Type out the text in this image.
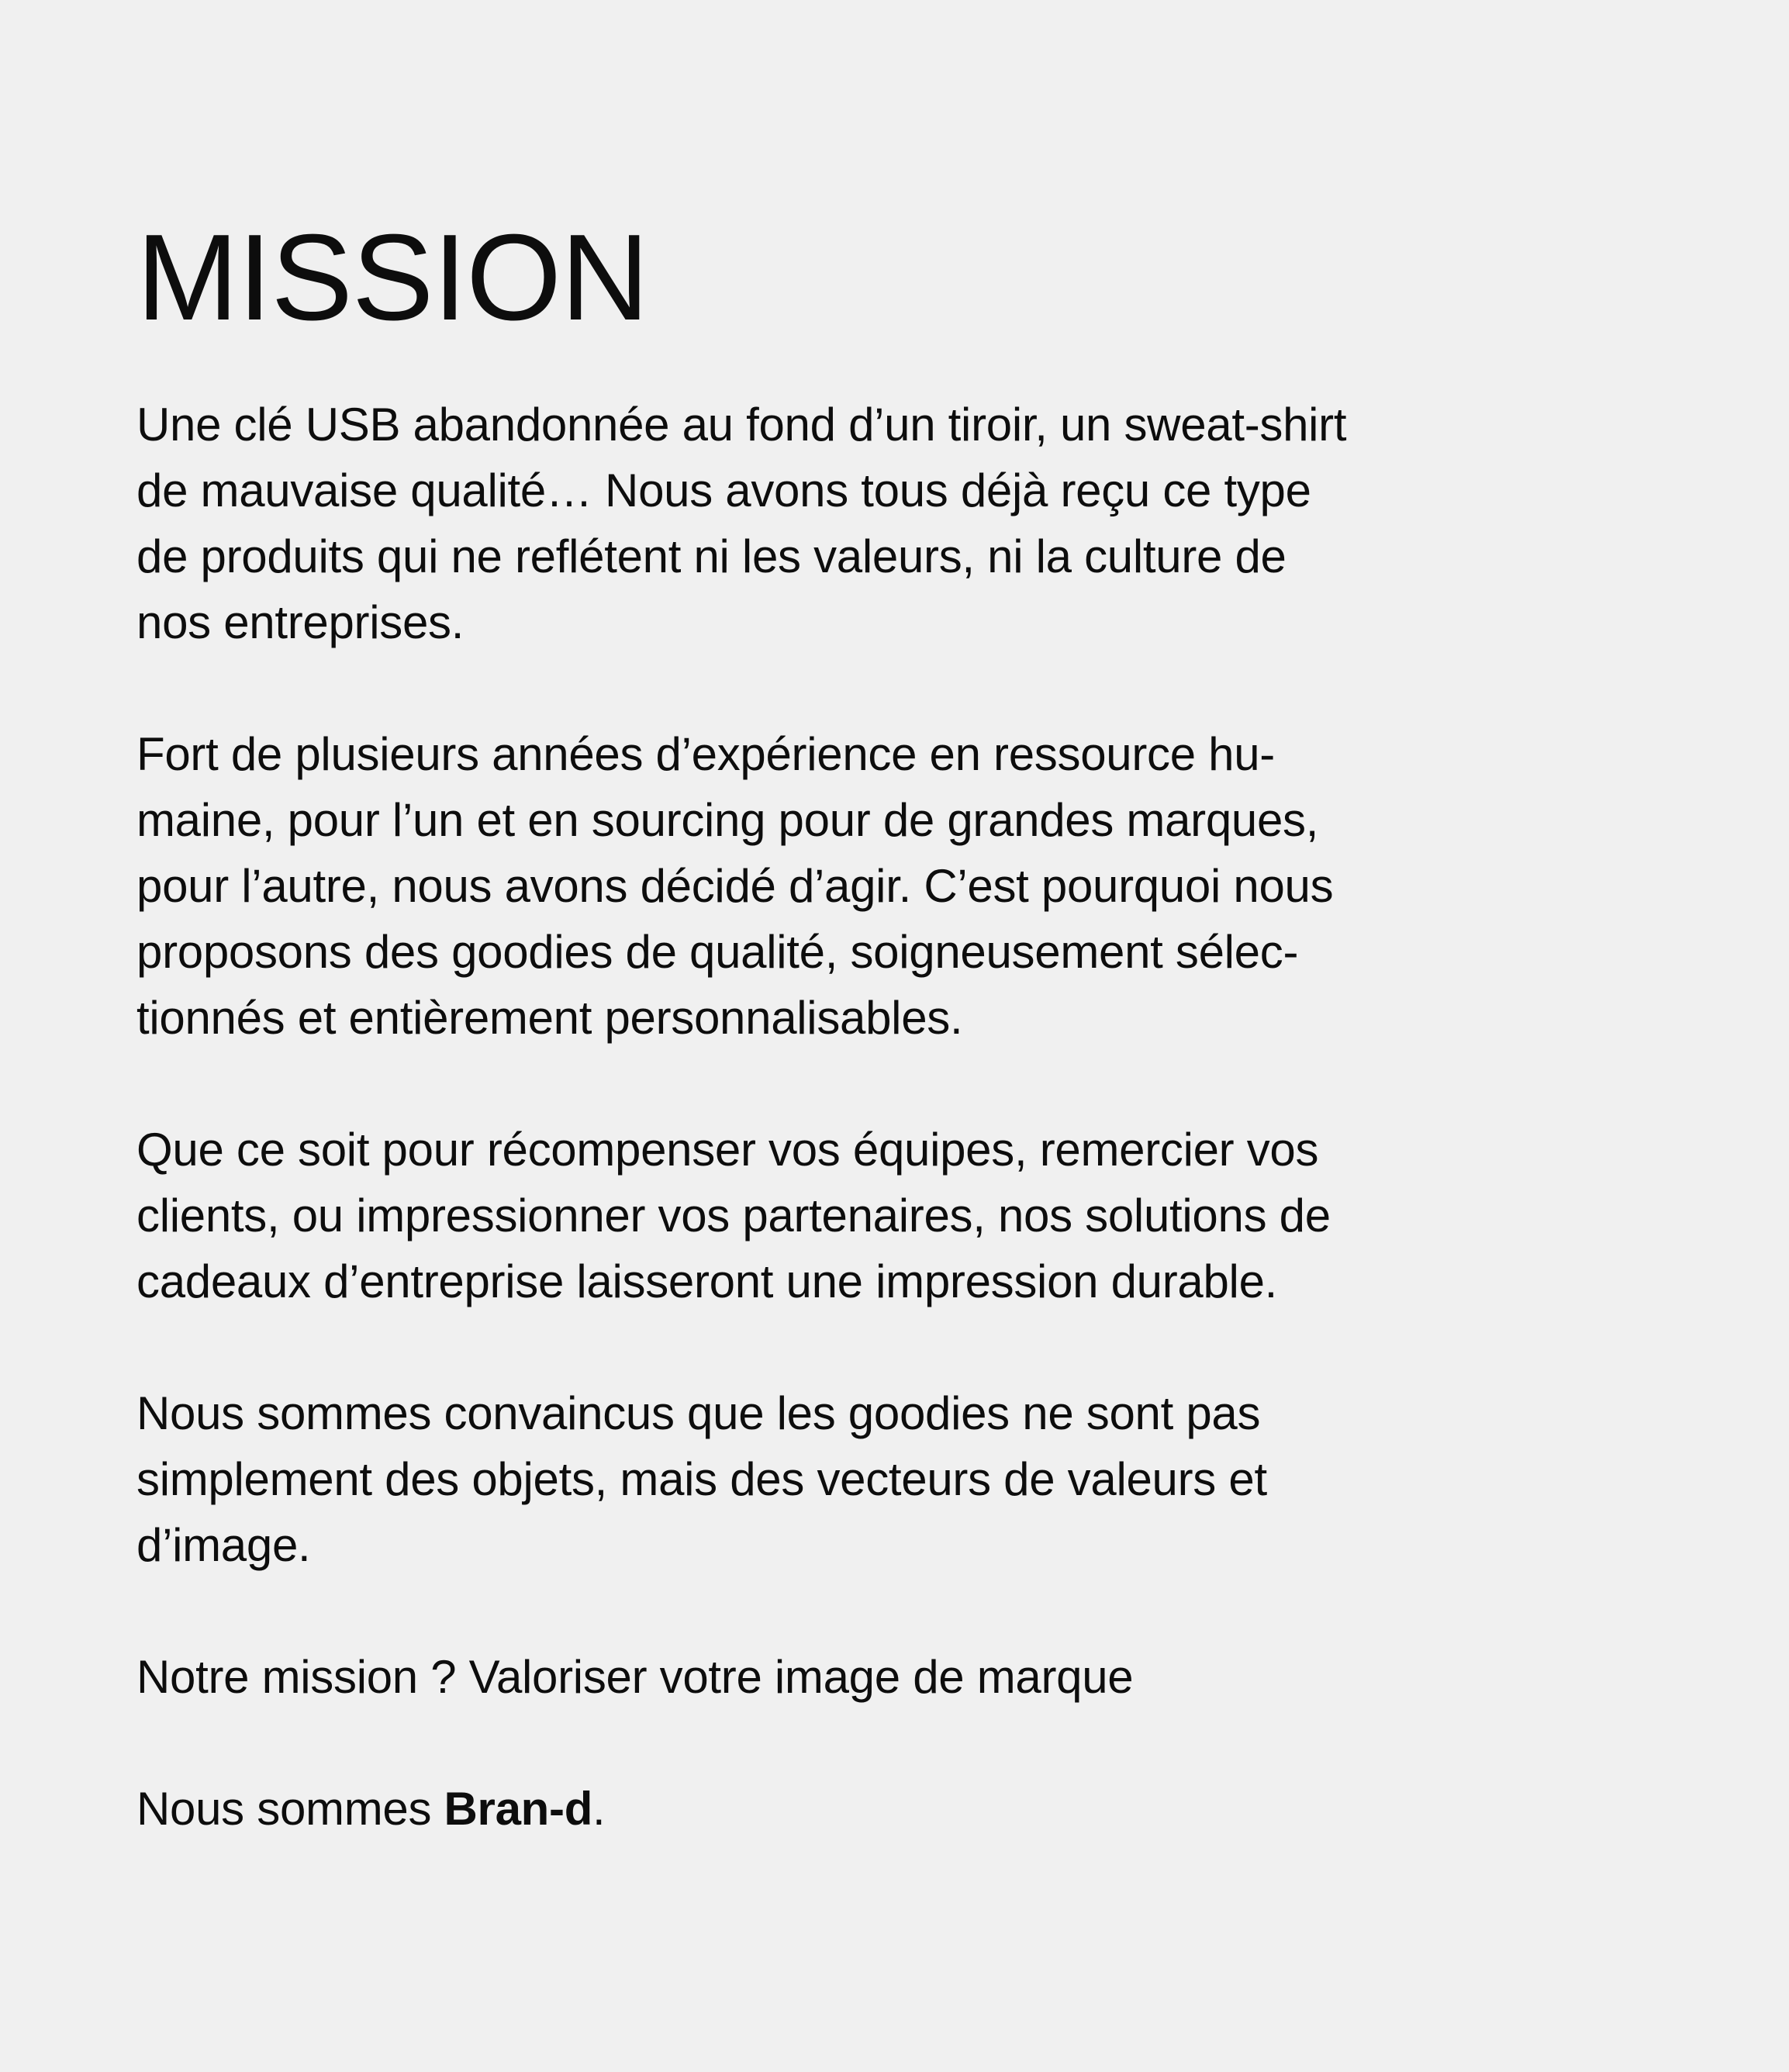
MISSION

Une clé USB abandonnée au fond d’un tiroir, un sweat-shirt
de mauvaise qualité… Nous avons tous déjà reçu ce type
de produits qui ne reflétent ni les valeurs, ni la culture de
nos entreprises.

Fort de plusieurs années d’expérience en ressource hu-
maine, pour l’un et en sourcing pour de grandes marques,
pour l’autre, nous avons décidé d’agir. C’est pourquoi nous
proposons des goodies de qualité, soigneusement sélec-
tionnés et entièrement personnalisables.

Que ce soit pour récompenser vos équipes, remercier vos
clients, ou impressionner vos partenaires, nos solutions de
cadeaux d’entreprise laisseront une impression durable.

Nous sommes convaincus que les goodies ne sont pas
simplement des objets, mais des vecteurs de valeurs et
d’image.

Notre mission ? Valoriser votre image de marque

Nous sommes Bran-d.
